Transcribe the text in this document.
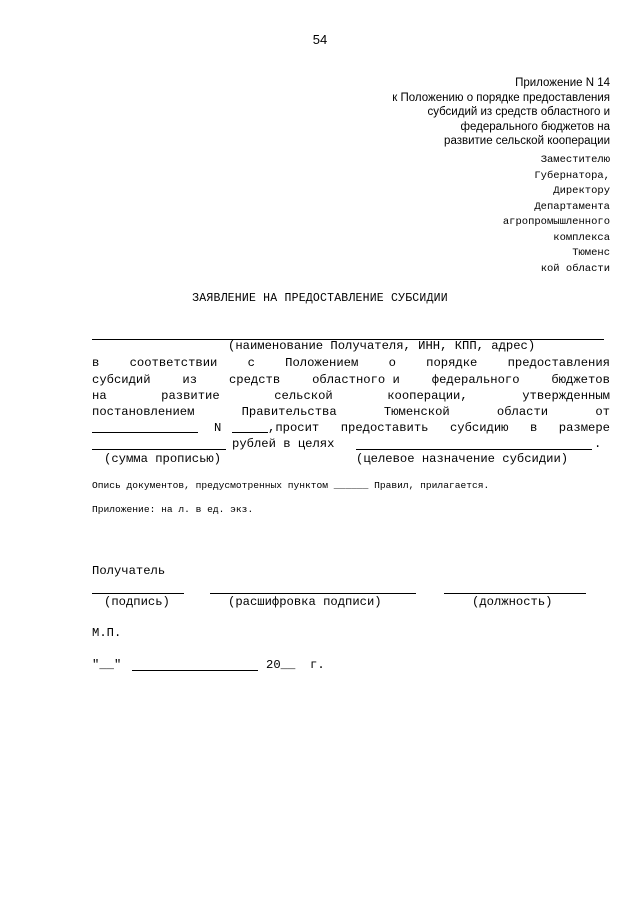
54
Приложение N 14
к Положению о порядке предоставления
субсидий из средств областного и
федерального бюджетов на
развитие сельской кооперации
Заместителю
Губернатора,
Директору
Департамента
агропромышленного
комплекса
Тюменс
кой области
ЗАЯВЛЕНИЕ НА ПРЕДОСТАВЛЕНИЕ СУБСИДИИ
(наименование Получателя, ИНН, КПП, адрес)
в соответствии с Положением о порядке предоставления
субсидий	из	средств	областного и	федерального	бюджетов
на	развитие	сельской	кооперации,	утвержденным
постановлением	Правительства	Тюменской	области	от
N	,просит предоставить субсидию в размере
рублей в целях	.
(сумма прописью)	(целевое назначение субсидии)
Опись документов, предусмотренных пунктом ______ Правил, прилагается.
Приложение: на л. в ед. экз.
Получатель
(подпись)	(расшифровка подписи)	(должность)
М.П.
"__"	20__ г.
